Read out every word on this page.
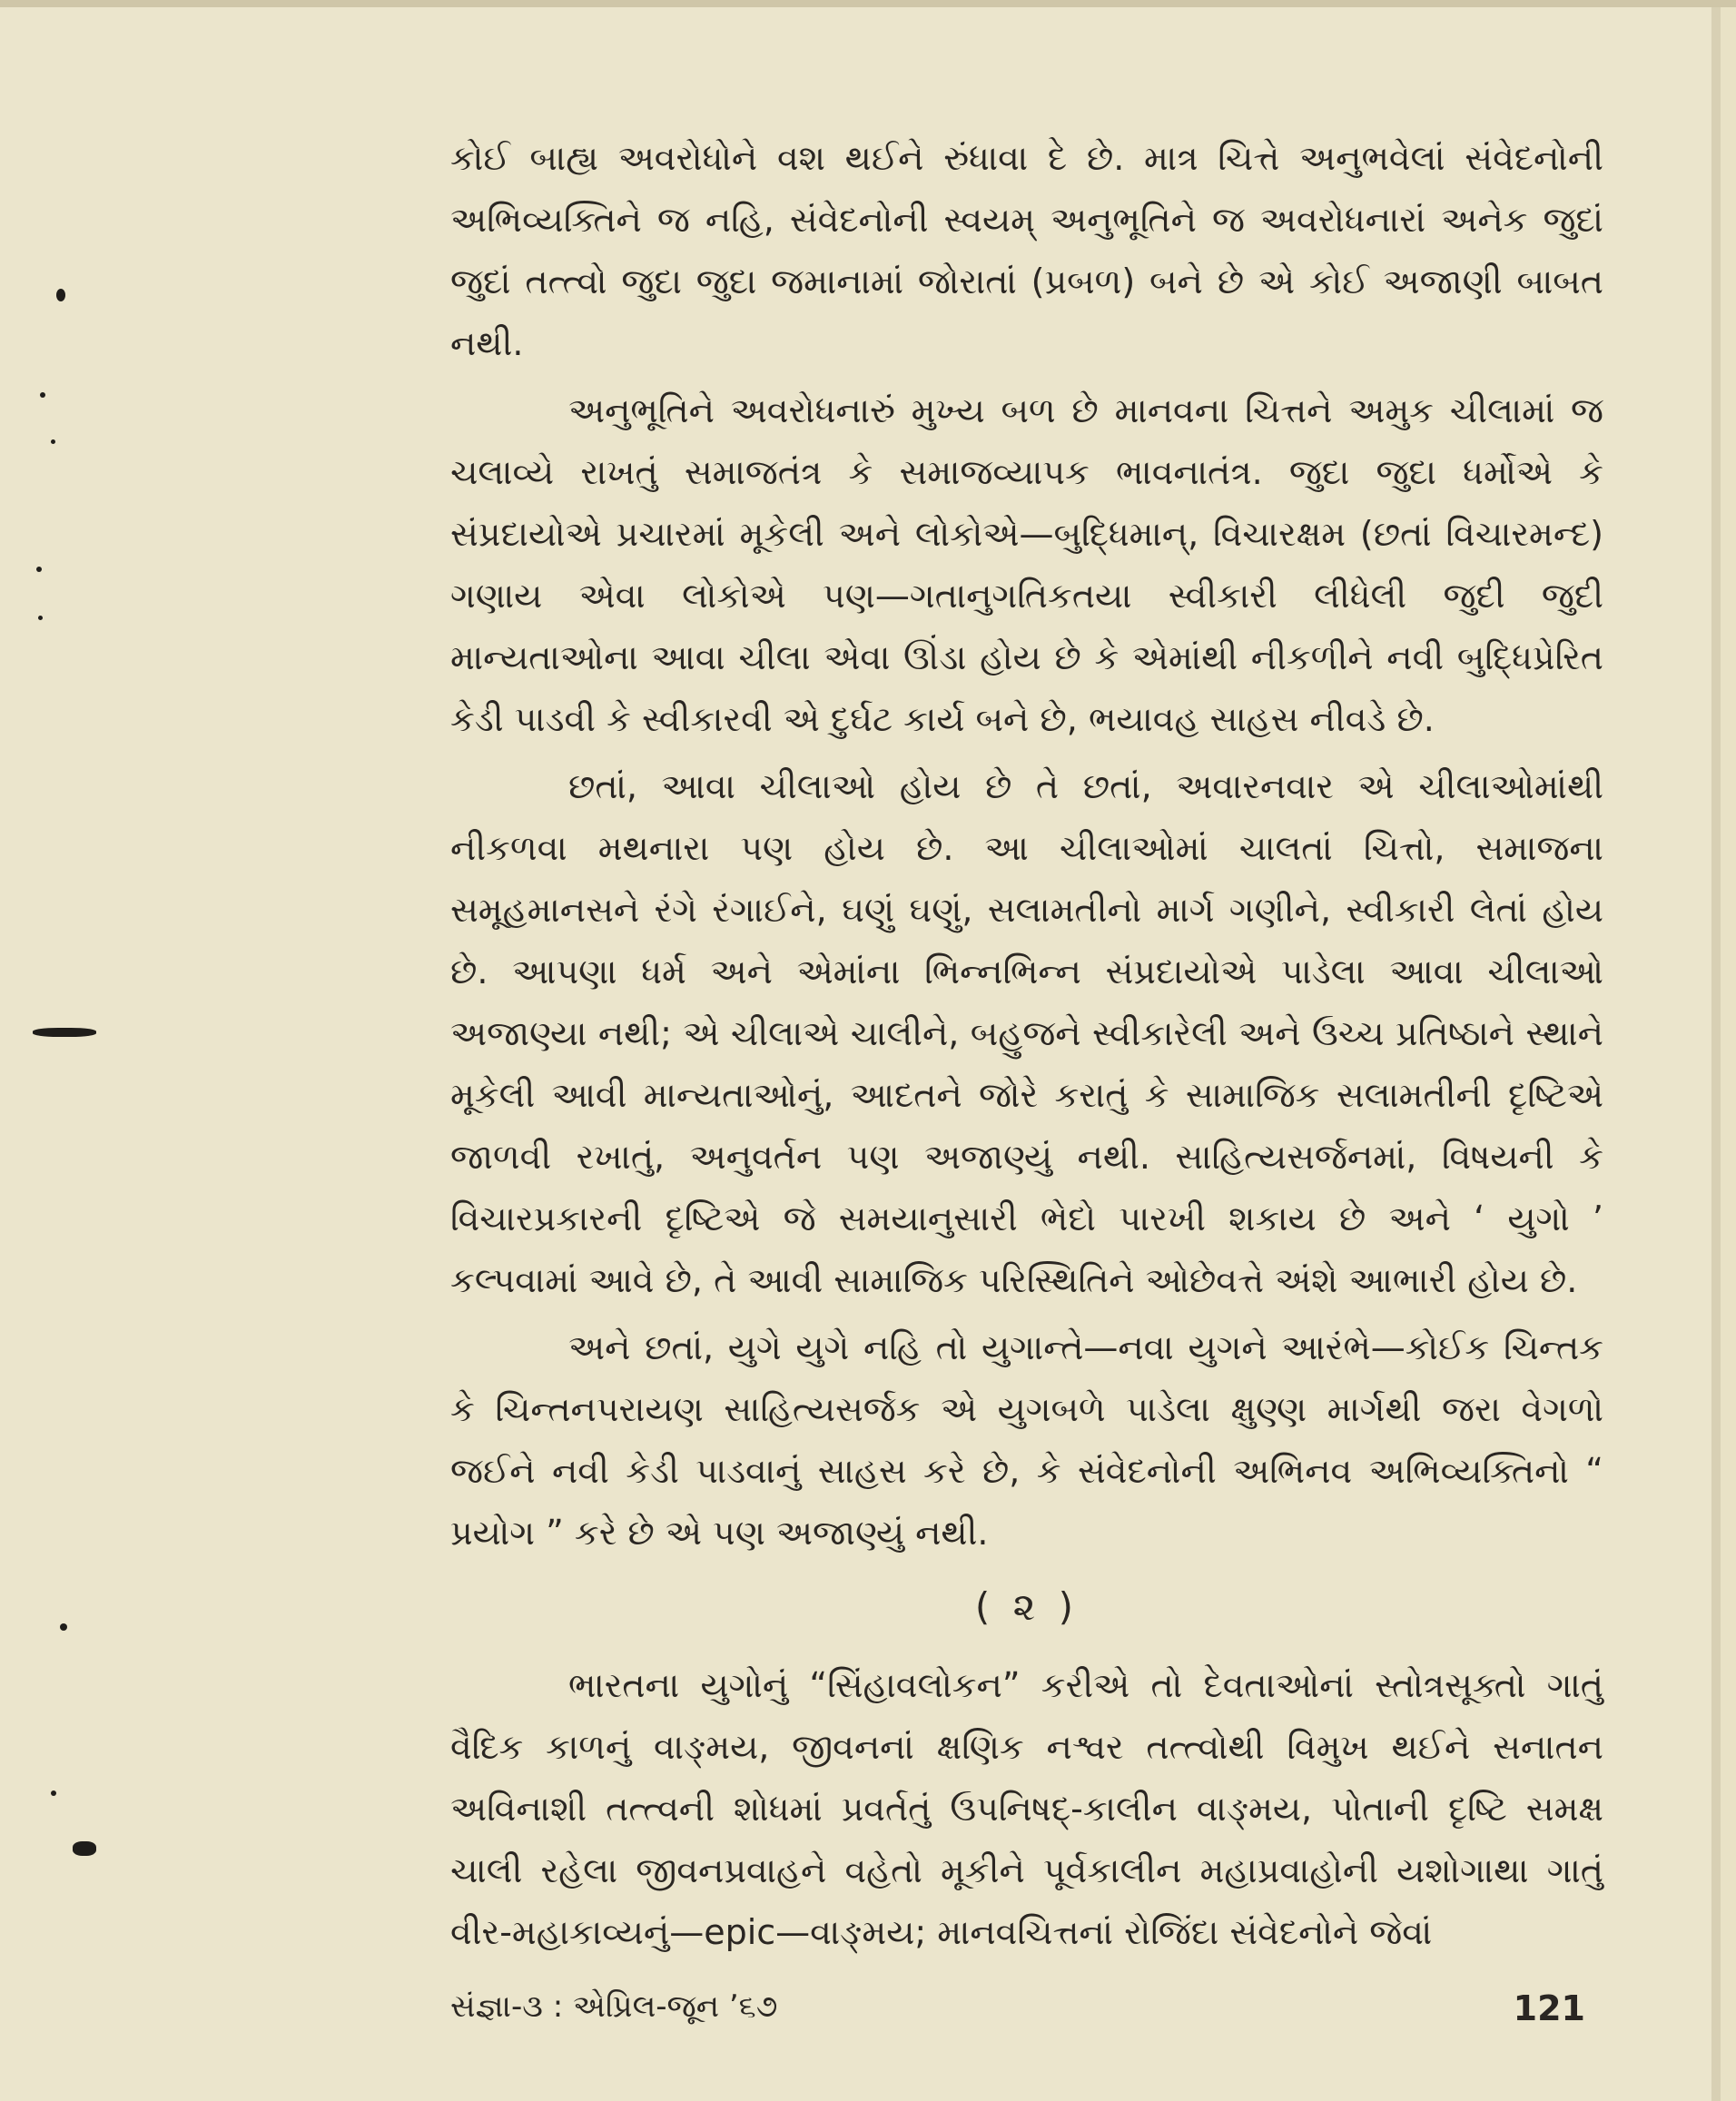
કોઈ બાહ્ય અવરોધોને વશ થઈને રુંધાવા દે છે. માત્ર ચિત્તે અનુભવેલાં સંવેદનોની અભિવ્યક્તિને જ નહિ, સંવેદનોની સ્વયમ્ અનુભૂતિને જ અવરોધનારાં અનેક જુદાં જુદાં તત્ત્વો જુદા જુદા જમાનામાં જોરાતાં (પ્રબળ) બને છે એ કોઈ અજાણી બાબત નથી.

અનુભૂતિને અવરોધનારું મુખ્ય બળ છે માનવના ચિત્તને અમુક ચીલામાં જ ચલાવ્યે રાખતું સમાજતંત્ર કે સમાજવ્યાપક ભાવનાતંત્ર. જુદા જુદા ધર્મોએ કે સંપ્રદાયોએ પ્રચારમાં મૂકેલી અને લોકોએ—બુદ્ધિમાન્, વિચારક્ષમ (છતાં વિચારમન્દ) ગણાય એવા લોકોએ પણ—ગતાનુગતિકતયા સ્વીકારી લીધેલી જુદી જુદી માન્યતાઓના આવા ચીલા એવા ઊંડા હોય છે કે એમાંથી નીકળીને નવી બુદ્ધિપ્રેરિત કેડી પાડવી કે સ્વીકારવી એ દુર્ઘટ કાર્ય બને છે, ભયાવહ સાહસ નીવડે છે.

છતાં, આવા ચીલાઓ હોય છે તે છતાં, અવારનવાર એ ચીલાઓમાંથી નીકળવા મથનારા પણ હોય છે. આ ચીલાઓમાં ચાલતાં ચિત્તો, સમાજના સમૂહમાનસને રંગે રંગાઈને, ઘણું ઘણું, સલામતીનો માર્ગ ગણીને, સ્વીકારી લેતાં હોય છે. આપણા ધર્મ અને એમાંના ભિન્નભિન્ન સંપ્રદાયોએ પાડેલા આવા ચીલાઓ અજાણ્યા નથી; એ ચીલાએ ચાલીને, બહુજને સ્વીકારેલી અને ઉચ્ચ પ્રતિષ્ઠાને સ્થાને મૂકેલી આવી માન્યતાઓનું, આદતને જોરે કરાતું કે સામાજિક સલામતીની દૃષ્ટિએ જાળવી રખાતું, અનુવર્તન પણ અજાણ્યું નથી. સાહિત્યસર્જનમાં, વિષયની કે વિચારપ્રકારની દૃષ્ટિએ જે સમયાનુસારી ભેદો પારખી શકાય છે અને ‘ યુગો ’ કલ્પવામાં આવે છે, તે આવી સામાજિક પરિસ્થિતિને ઓછેવત્તે અંશે આભારી હોય છે.

અને છતાં, યુગે યુગે નહિ તો યુગાન્તે—નવા યુગને આરંભે—કોઈક ચિન્તક કે ચિન્તનપરાયણ સાહિત્યસર્જક એ યુગબળે પાડેલા ક્ષુણ્ણ માર્ગથી જરા વેગળો જઈને નવી કેડી પાડવાનું સાહસ કરે છે, કે સંવેદનોની અભિનવ અભિવ્યક્તિનો “ પ્રયોગ ” કરે છે એ પણ અજાણ્યું નથી.

( ૨ )

ભારતના યુગોનું “સિંહાવલોકન” કરીએ તો દેવતાઓનાં સ્તોત્રસૂક્તો ગાતું વૈદિક કાળનું વાઙ્મય, જીવનનાં ક્ષણિક નશ્વર તત્ત્વોથી વિમુખ થઈને સનાતન અવિનાશી તત્ત્વની શોધમાં પ્રવર્તતું ઉપનિષદ્-કાલીન વાઙ્મય, પોતાની દૃષ્ટિ સમક્ષ ચાલી રહેલા જીવનપ્રવાહને વહેતો મૂકીને પૂર્વકાલીન મહાપ્રવાહોની યશોગાથા ગાતું વીર-મહાકાવ્યનું—epic—વાઙ્મય; માનવચિત્તનાં રોજિંદા સંવેદનોને જેવાં

સંજ્ઞા-૩ : એપ્રિલ-જૂન ’૬૭	121
